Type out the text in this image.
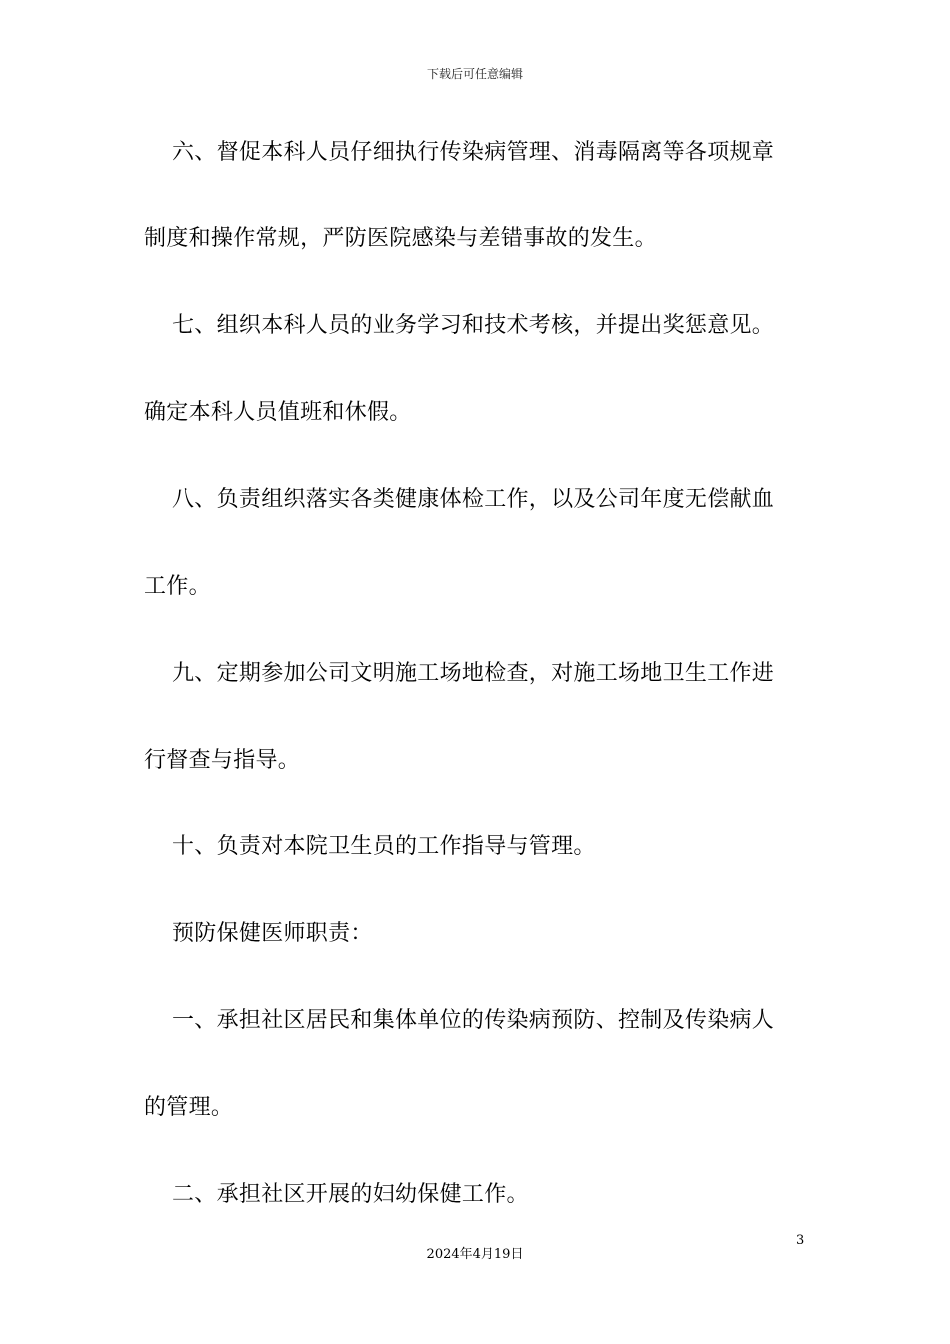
下载后可任意编辑
六、督促本科人员仔细执行传染病管理、消毒隔离等各项规章
制度和操作常规，严防医院感染与差错事故的发生。
七、组织本科人员的业务学习和技术考核，并提出奖惩意见。
确定本科人员值班和休假。
八、负责组织落实各类健康体检工作，以及公司年度无偿献血
工作。
九、定期参加公司文明施工场地检查，对施工场地卫生工作进
行督查与指导。
十、负责对本院卫生员的工作指导与管理。
预防保健医师职责：
一、承担社区居民和集体单位的传染病预防、控制及传染病人
的管理。
二、承担社区开展的妇幼保健工作。
3
2024年4月19日
